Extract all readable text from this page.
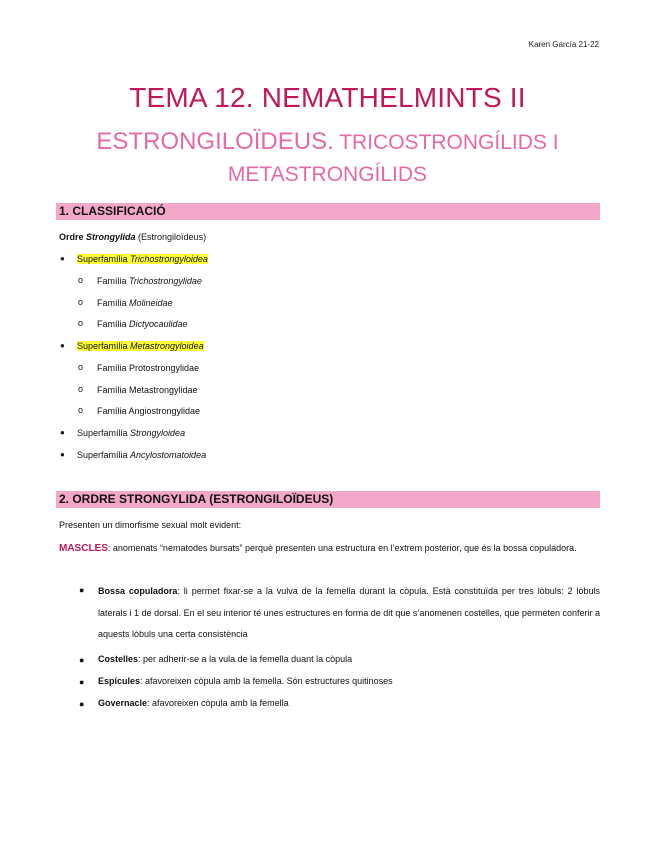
Karen García 21-22
TEMA 12. NEMATHELMINTS II
ESTRONGILOÏDEUS. TRICOSTRONGÍLIDS I
METASTRONGÍLIDS
1. CLASSIFICACIÓ
Ordre Strongylida (Estrongiloïdeus)
● Superfamília Trichostrongyloidea
o Família Trichostrongylidae
o Família Molineidae
o Família Dictyocaulidae
● Superfamília Metastrongyloidea
o Família Protostrongylidae
o Família Metastrongylidae
o Família Angiostrongylidae
● Superfamília Strongyloidea
● Superfamília Ancylostomatoidea
2. ORDRE STRONGYLIDA (ESTRONGILOÏDEUS)
Presenten un dimorfisme sexual molt evident:
MASCLES: anomenats “nematodes bursats” perquè presenten una estructura en l’extrem posterior, que és la bossa copuladora.
● Bossa copuladora: li permet fixar-se a la vulva de la femella durant la còpula. Està constituïda per tres lòbuls: 2 lòbuls laterals i 1 de dorsal. En el seu interior té unes estructures en forma de dit que s’anomenen costelles, que permeten conferir a aquests lòbuls una certa consistència
● Costelles: per adherir-se a la vula de la femella duant la còpula
● Espícules: afavoreixen còpula amb la femella. Són estructures quitinoses
● Governacle: afavoreixen còpula amb la femella
